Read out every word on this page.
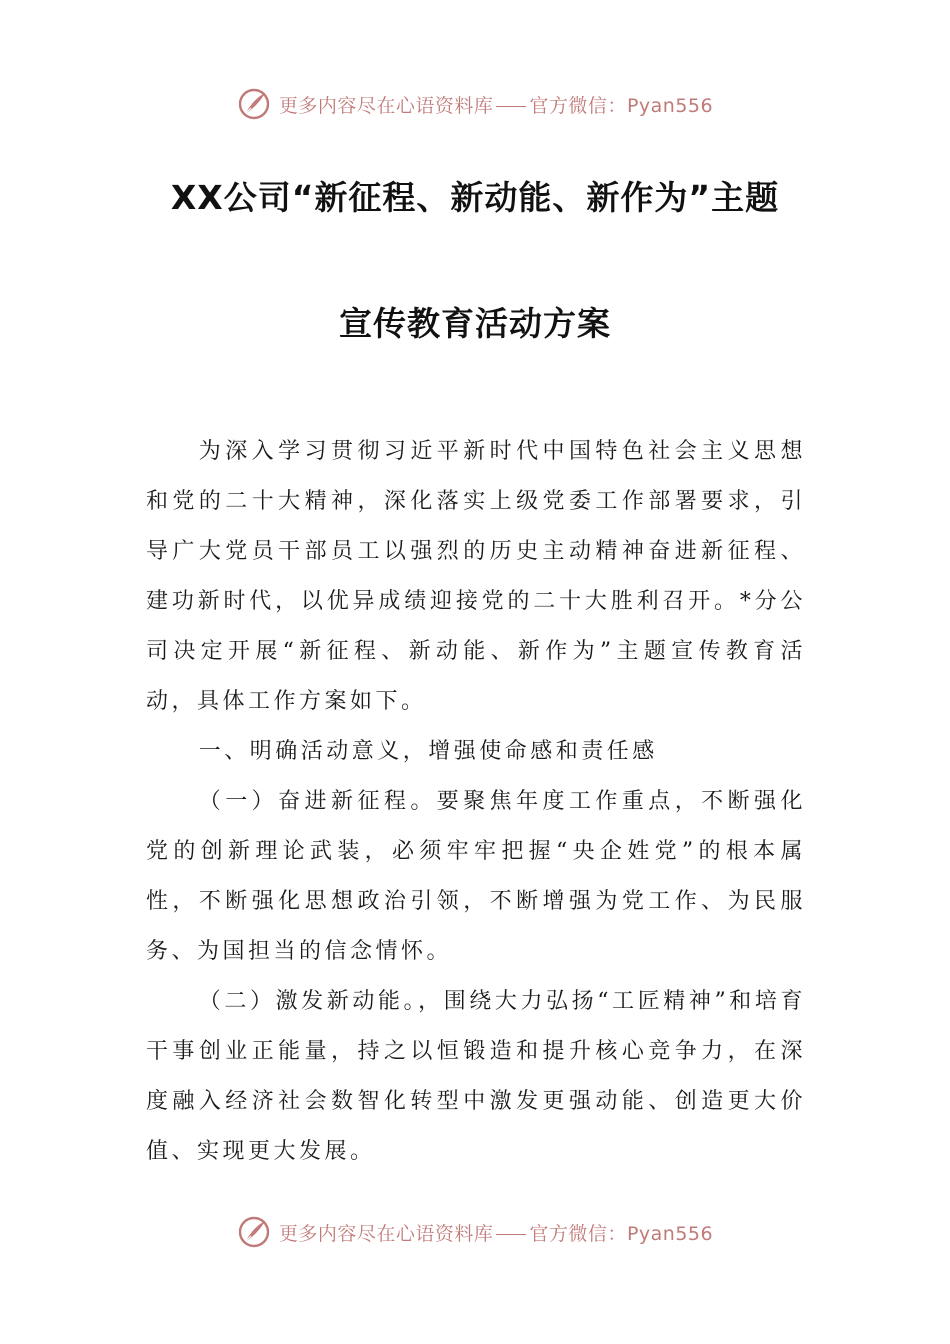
更多内容尽在心语资料库 官方微信：Pyan556
XX公司“新征程、新动能、新作为”主题
宣传教育活动方案

为深入学习贯彻习近平新时代中国特色社会主义思想和党的二十大精神，深化落实上级党委工作部署要求，引导广大党员干部员工以强烈的历史主动精神奋进新征程、建功新时代，以优异成绩迎接党的二十大胜利召开。*分公司决定开展“新征程、新动能、新作为”主题宣传教育活动，具体工作方案如下。

一、明确活动意义，增强使命感和责任感

（一）奋进新征程。要聚焦年度工作重点，不断强化党的创新理论武装，必须牢牢把握“央企姓党”的根本属性，不断强化思想政治引领，不断增强为党工作、为民服务、为国担当的信念情怀。

（二）激发新动能。，围绕大力弘扬“工匠精神”和培育干事创业正能量，持之以恒锻造和提升核心竞争力，在深度融入经济社会数智化转型中激发更强动能、创造更大价值、实现更大发展。

更多内容尽在心语资料库 官方微信：Pyan556
